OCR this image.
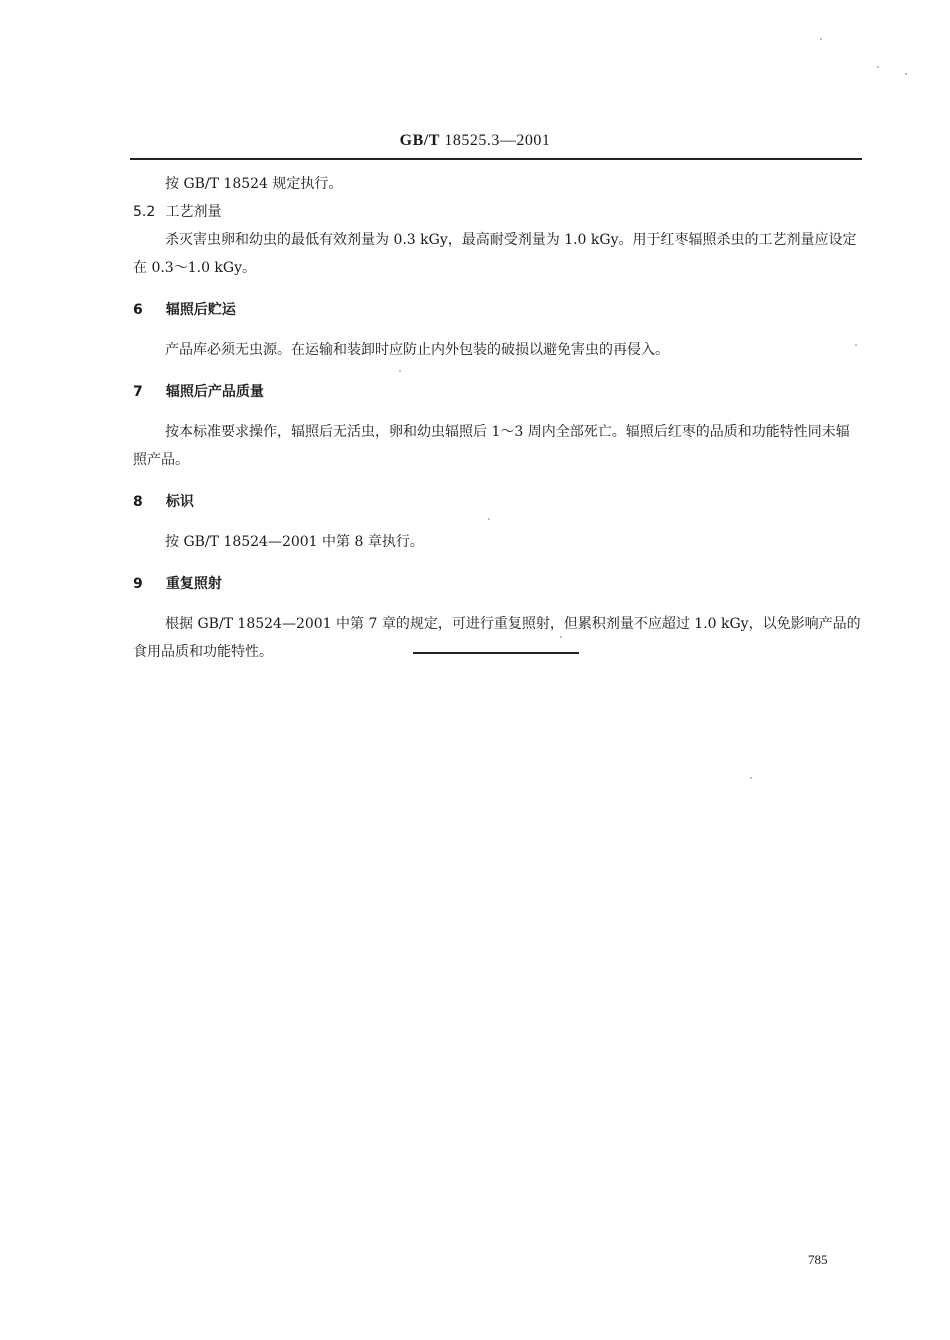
GB/T 18525.3—2001

按 GB/T 18524 规定执行。

5.2 工艺剂量

杀灭害虫卵和幼虫的最低有效剂量为 0.3 kGy，最高耐受剂量为 1.0 kGy。用于红枣辐照杀虫的工艺剂量应设定在 0.3～1.0 kGy。

6 辐照后贮运

产品库必须无虫源。在运输和装卸时应防止内外包装的破损以避免害虫的再侵入。

7 辐照后产品质量

按本标准要求操作，辐照后无活虫，卵和幼虫辐照后 1～3 周内全部死亡。辐照后红枣的品质和功能特性同未辐照产品。

8 标识

按 GB/T 18524—2001 中第 8 章执行。

9 重复照射

根据 GB/T 18524—2001 中第 7 章的规定，可进行重复照射，但累积剂量不应超过 1.0 kGy，以免影响产品的食用品质和功能特性。

785
